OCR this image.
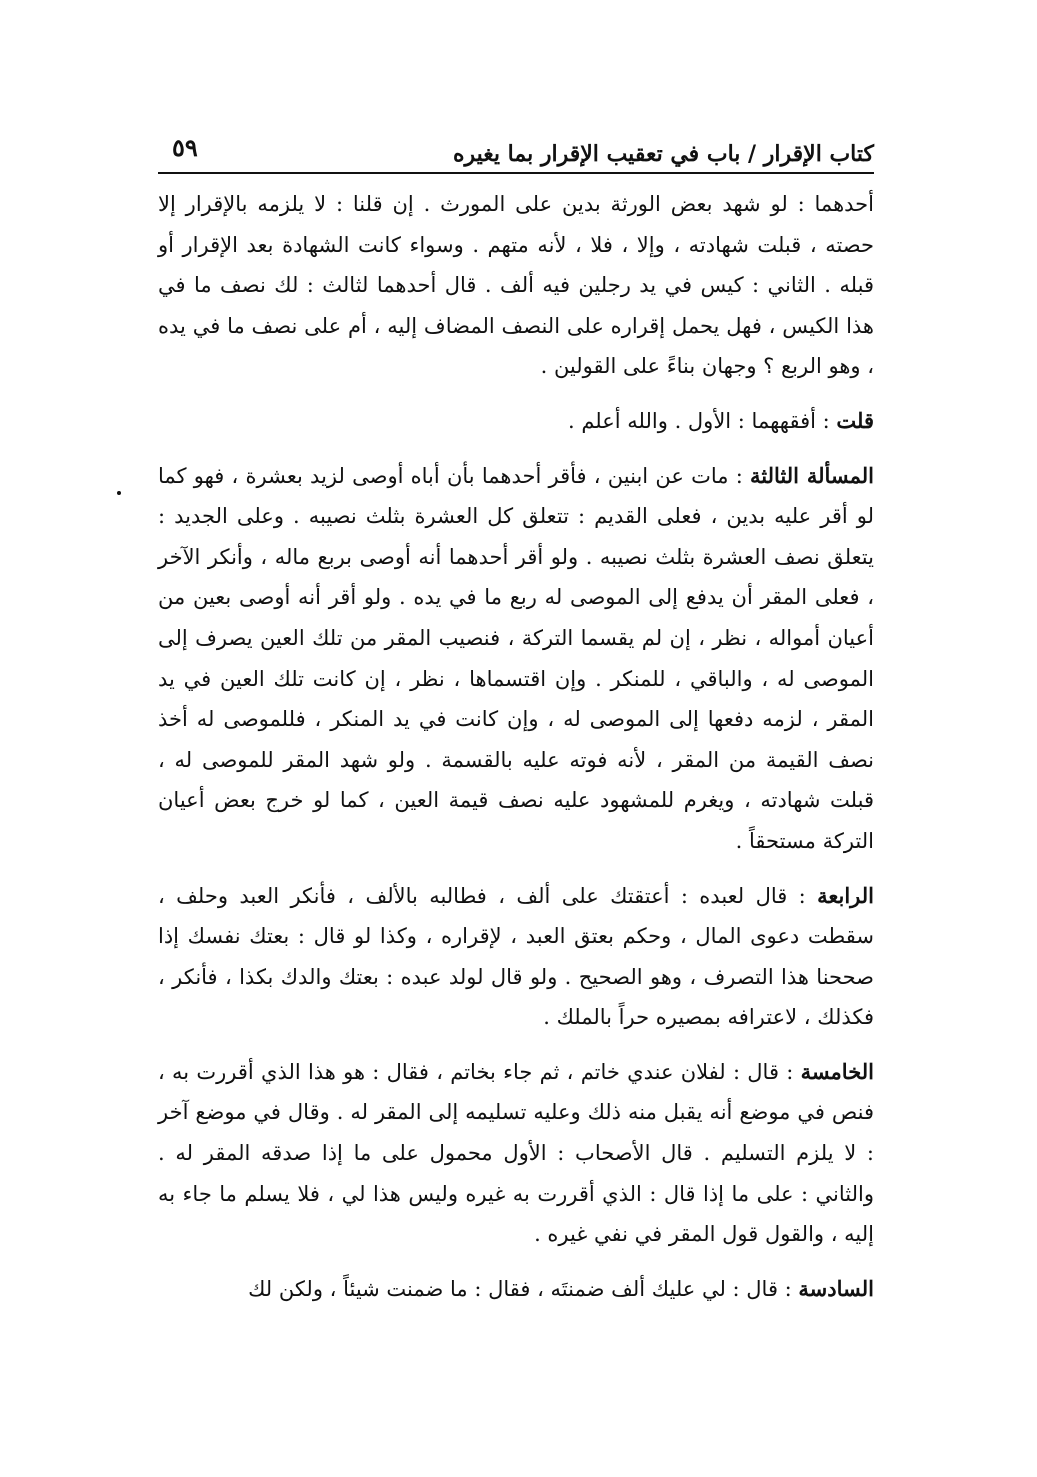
كتاب الإقرار / باب في تعقيب الإقرار بما يغيره
٥٩

أحدهما : لو شهد بعض الورثة بدين على المورث . إن قلنا : لا يلزمه بالإقرار إلا حصته ، قبلت شهادته ، وإلا ، فلا ، لأنه متهم . وسواء كانت الشهادة بعد الإقرار أو قبله . الثاني : كيس في يد رجلين فيه ألف . قال أحدهما لثالث : لك نصف ما في هذا الكيس ، فهل يحمل إقراره على النصف المضاف إليه ، أم على نصف ما في يده ، وهو الربع ؟ وجهان بناءً على القولين .

قلت : أفقههما : الأول . والله أعلم .

المسألة الثالثة : مات عن ابنين ، فأقر أحدهما بأن أباه أوصى لزيد بعشرة ، فهو كما لو أقر عليه بدين ، فعلى القديم : تتعلق كل العشرة بثلث نصيبه . وعلى الجديد : يتعلق نصف العشرة بثلث نصيبه . ولو أقر أحدهما أنه أوصى بربع ماله ، وأنكر الآخر ، فعلى المقر أن يدفع إلى الموصى له ربع ما في يده . ولو أقر أنه أوصى بعين من أعيان أمواله ، نظر ، إن لم يقسما التركة ، فنصيب المقر من تلك العين يصرف إلى الموصى له ، والباقي ، للمنكر . وإن اقتسماها ، نظر ، إن كانت تلك العين في يد المقر ، لزمه دفعها إلى الموصى له ، وإن كانت في يد المنكر ، فللموصى له أخذ نصف القيمة من المقر ، لأنه فوته عليه بالقسمة . ولو شهد المقر للموصى له ، قبلت شهادته ، ويغرم للمشهود عليه نصف قيمة العين ، كما لو خرج بعض أعيان التركة مستحقاً .

الرابعة : قال لعبده : أعتقتك على ألف ، فطالبه بالألف ، فأنكر العبد وحلف ، سقطت دعوى المال ، وحكم بعتق العبد ، لإقراره ، وكذا لو قال : بعتك نفسك إذا صححنا هذا التصرف ، وهو الصحيح . ولو قال لولد عبده : بعتك والدك بكذا ، فأنكر ، فكذلك ، لاعترافه بمصيره حراً بالملك .

الخامسة : قال : لفلان عندي خاتم ، ثم جاء بخاتم ، فقال : هو هذا الذي أقررت به ، فنص في موضع أنه يقبل منه ذلك وعليه تسليمه إلى المقر له . وقال في موضع آخر : لا يلزم التسليم . قال الأصحاب : الأول محمول على ما إذا صدقه المقر له . والثاني : على ما إذا قال : الذي أقررت به غيره وليس هذا لي ، فلا يسلم ما جاء به إليه ، والقول قول المقر في نفي غيره .

السادسة : قال : لي عليك ألف ضمنتَه ، فقال : ما ضمنت شيئاً ، ولكن لك
